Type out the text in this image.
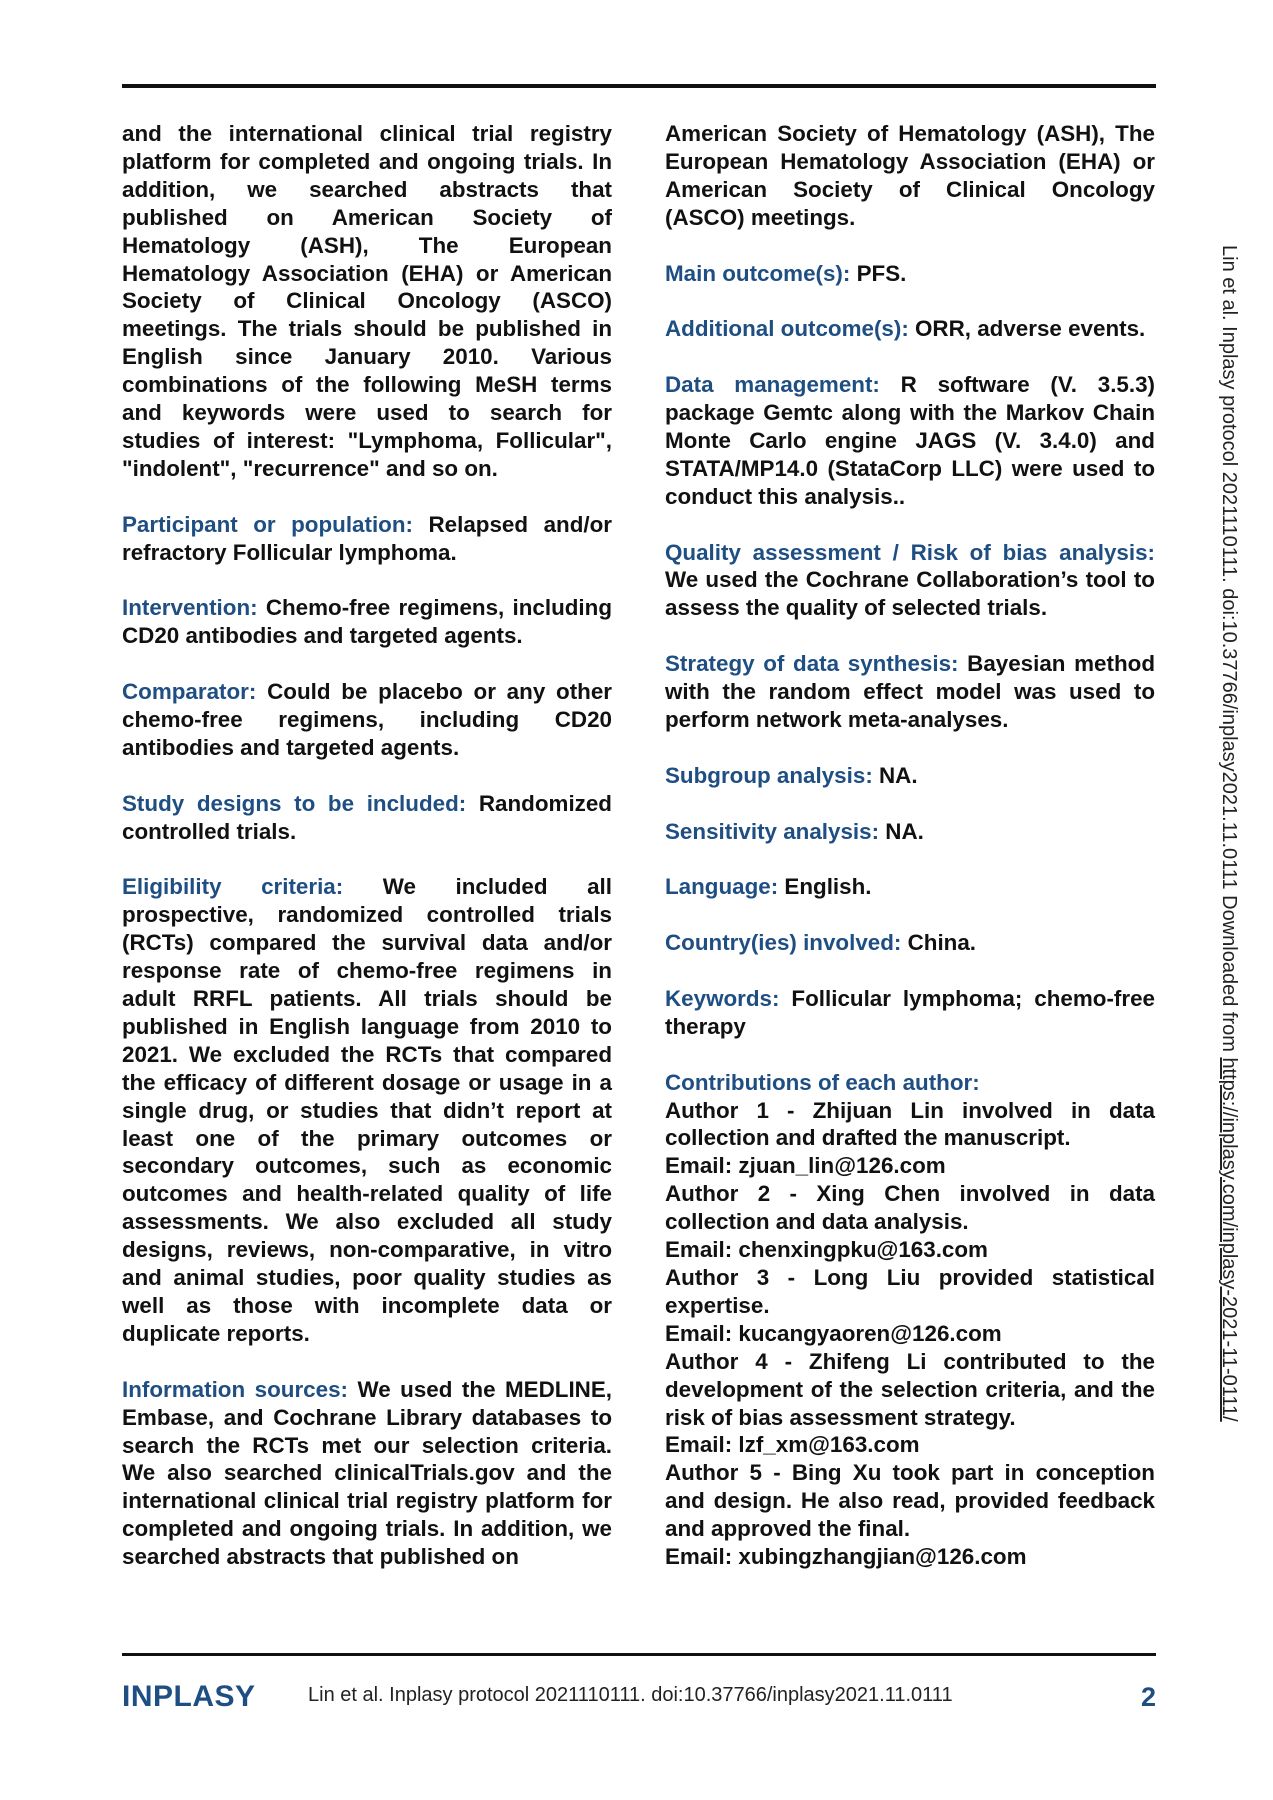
and the international clinical trial registry platform for completed and ongoing trials. In addition, we searched abstracts that published on American Society of Hematology (ASH), The European Hematology Association (EHA) or American Society of Clinical Oncology (ASCO) meetings. The trials should be published in English since January 2010. Various combinations of the following MeSH terms and keywords were used to search for studies of interest: "Lymphoma, Follicular", "indolent", "recurrence" and so on.

Participant or population: Relapsed and/or refractory Follicular lymphoma.

Intervention: Chemo-free regimens, including CD20 antibodies and targeted agents.

Comparator: Could be placebo or any other chemo-free regimens, including CD20 antibodies and targeted agents.

Study designs to be included: Randomized controlled trials.

Eligibility criteria: We included all prospective, randomized controlled trials (RCTs) compared the survival data and/or response rate of chemo-free regimens in adult RRFL patients. All trials should be published in English language from 2010 to 2021. We excluded the RCTs that compared the efficacy of different dosage or usage in a single drug, or studies that didn’t report at least one of the primary outcomes or secondary outcomes, such as economic outcomes and health-related quality of life assessments. We also excluded all study designs, reviews, non-comparative, in vitro and animal studies, poor quality studies as well as those with incomplete data or duplicate reports.

Information sources: We used the MEDLINE, Embase, and Cochrane Library databases to search the RCTs met our selection criteria. We also searched clinicalTrials.gov and the international clinical trial registry platform for completed and ongoing trials. In addition, we searched abstracts that published on

American Society of Hematology (ASH), The European Hematology Association (EHA) or American Society of Clinical Oncology (ASCO) meetings.

Main outcome(s): PFS.

Additional outcome(s): ORR, adverse events.

Data management: R software (V. 3.5.3) package Gemtc along with the Markov Chain Monte Carlo engine JAGS (V. 3.4.0) and STATA/MP14.0 (StataCorp LLC) were used to conduct this analysis..

Quality assessment / Risk of bias analysis: We used the Cochrane Collaboration’s tool to assess the quality of selected trials.

Strategy of data synthesis: Bayesian method with the random effect model was used to perform network meta-analyses.

Subgroup analysis: NA.

Sensitivity analysis: NA.

Language: English.

Country(ies) involved: China.

Keywords: Follicular lymphoma; chemo-free therapy

Contributions of each author:
Author 1 - Zhijuan Lin involved in data collection and drafted the manuscript.
Email: zjuan_lin@126.com
Author 2 - Xing Chen involved in data collection and data analysis.
Email: chenxingpku@163.com
Author 3 - Long Liu provided statistical expertise.
Email: kucangyaoren@126.com
Author 4 - Zhifeng Li contributed to the development of the selection criteria, and the risk of bias assessment strategy.
Email: lzf_xm@163.com
Author 5 - Bing Xu took part in conception and design. He also read, provided feedback and approved the final.
Email: xubingzhangjian@126.com
Lin et al. Inplasy protocol 2021110111. doi:10.37766/inplasy2021.11.0111 Downloaded from https://inplasy.com/inplasy-2021-11-0111/
INPLASY	Lin et al. Inplasy protocol 2021110111. doi:10.37766/inplasy2021.11.0111	2
